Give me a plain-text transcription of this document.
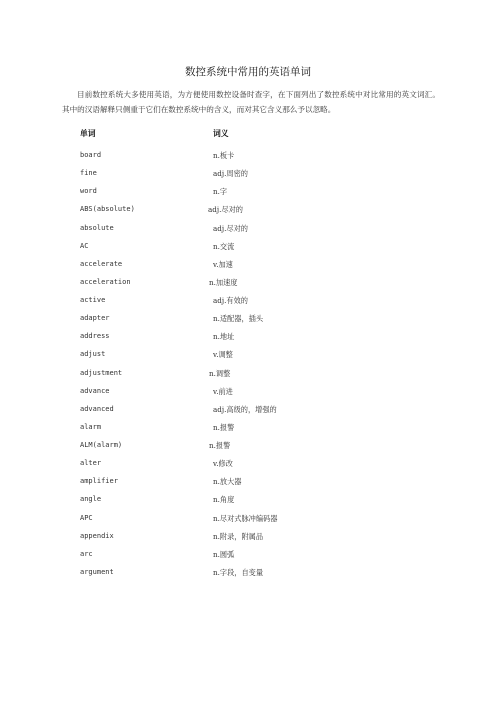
数控系统中常用的英语单词
目前数控系统大多使用英语，为方便使用数控设备时查字，在下面列出了数控系统中对比常用的英文词汇。其中的汉语解释只侧重于它们在数控系统中的含义，而对其它含义那么予以忽略。
单词	词义
board	n.板卡
fine	adj.周密的
word	n.字
ABS(absolute)	adj.尽对的
absolute	adj.尽对的
AC	n.交流
accelerate	v.加速
acceleration	n.加速度
active	adj.有效的
adapter	n.适配器，插头
address	n.地址
adjust	v.调整
adjustment	n.调整
advance	v.前进
advanced	adj.高级的，增强的
alarm	n.报警
ALM(alarm)	n.报警
alter	v.修改
amplifier	n.放大器
angle	n.角度
APC	n.尽对式脉冲编码器
appendix	n.附录，附属品
arc	n.圆弧
argument	n.字段，自变量
